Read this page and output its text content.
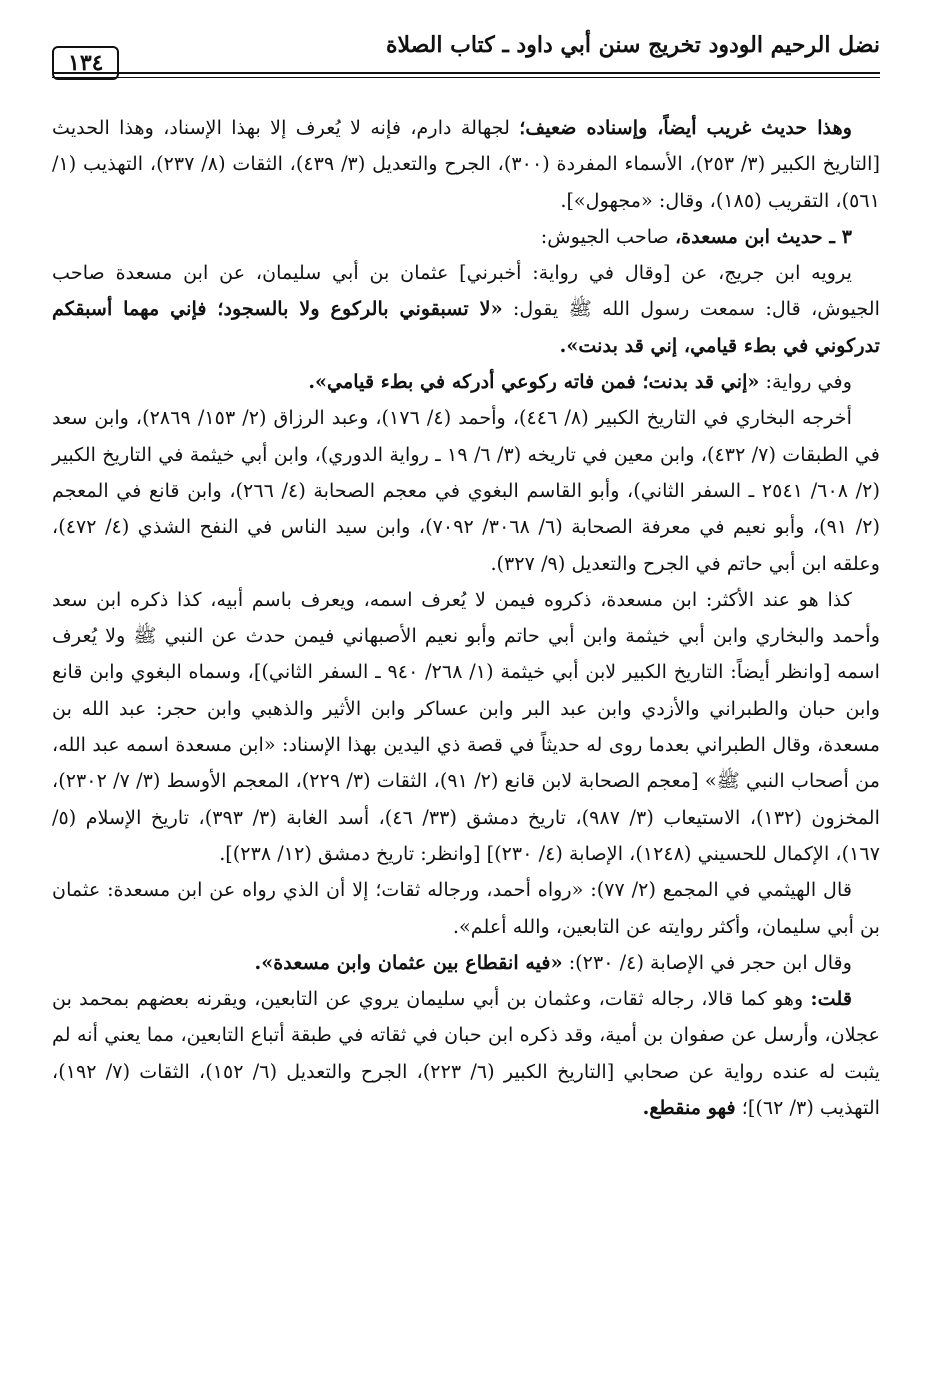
نضل الرحيم الودود تخريج سنن أبي داود ـ كتاب الصلاة
١٣٤

وهذا حديث غريب أيضاً، وإسناده ضعيف؛ لجهالة دارم، فإنه لا يُعرف إلا بهذا الإسناد، وهذا الحديث [التاريخ الكبير (٣/ ٢٥٣)، الأسماء المفردة (٣٠٠)، الجرح والتعديل (٣/ ٤٣٩)، الثقات (٨/ ٢٣٧)، التهذيب (١/ ٥٦١)، التقريب (١٨٥)، وقال: «مجهول»].

٣ ـ حديث ابن مسعدة، صاحب الجيوش:

يرويه ابن جريج، عن [وقال في رواية: أخبرني] عثمان بن أبي سليمان، عن ابن مسعدة صاحب الجيوش، قال: سمعت رسول الله ﷺ يقول: «لا تسبقوني بالركوع ولا بالسجود؛ فإني مهما أسبقكم تدركوني في بطء قيامي، إني قد بدنت».

وفي رواية: «إني قد بدنت؛ فمن فاته ركوعي أدركه في بطء قيامي».

أخرجه البخاري في التاريخ الكبير (٨/ ٤٤٦)، وأحمد (٤/ ١٧٦)، وعبد الرزاق (٢/ ١٥٣/ ٢٨٦٩)، وابن سعد في الطبقات (٧/ ٤٣٢)، وابن معين في تاريخه (٣/ ٦/ ١٩ ـ رواية الدوري)، وابن أبي خيثمة في التاريخ الكبير (٢/ ٦٠٨/ ٢٥٤١ ـ السفر الثاني)، وأبو القاسم البغوي في معجم الصحابة (٤/ ٢٦٦)، وابن قانع في المعجم (٢/ ٩١)، وأبو نعيم في معرفة الصحابة (٦/ ٣٠٦٨/ ٧٠٩٢)، وابن سيد الناس في النفح الشذي (٤/ ٤٧٢)، وعلقه ابن أبي حاتم في الجرح والتعديل (٩/ ٣٢٧).

كذا هو عند الأكثر: ابن مسعدة، ذكروه فيمن لا يُعرف اسمه، ويعرف باسم أبيه، كذا ذكره ابن سعد وأحمد والبخاري وابن أبي خيثمة وابن أبي حاتم وأبو نعيم الأصبهاني فيمن حدث عن النبي ﷺ ولا يُعرف اسمه [وانظر أيضاً: التاريخ الكبير لابن أبي خيثمة (١/ ٢٦٨/ ٩٤٠ ـ السفر الثاني)]، وسماه البغوي وابن قانع وابن حبان والطبراني والأزدي وابن عبد البر وابن عساكر وابن الأثير والذهبي وابن حجر: عبد الله بن مسعدة، وقال الطبراني بعدما روى له حديثاً في قصة ذي اليدين بهذا الإسناد: «ابن مسعدة اسمه عبد الله، من أصحاب النبي ﷺ» [معجم الصحابة لابن قانع (٢/ ٩١)، الثقات (٣/ ٢٢٩)، المعجم الأوسط (٣/ ٧/ ٢٣٠٢)، المخزون (١٣٢)، الاستيعاب (٣/ ٩٨٧)، تاريخ دمشق (٣٣/ ٤٦)، أسد الغابة (٣/ ٣٩٣)، تاريخ الإسلام (٥/ ١٦٧)، الإكمال للحسيني (١٢٤٨)، الإصابة (٤/ ٢٣٠)] [وانظر: تاريخ دمشق (١٢/ ٢٣٨)].

قال الهيثمي في المجمع (٢/ ٧٧): «رواه أحمد، ورجاله ثقات؛ إلا أن الذي رواه عن ابن مسعدة: عثمان بن أبي سليمان، وأكثر روايته عن التابعين، والله أعلم».

وقال ابن حجر في الإصابة (٤/ ٢٣٠): «فيه انقطاع بين عثمان وابن مسعدة».

قلت: وهو كما قالا، رجاله ثقات، وعثمان بن أبي سليمان يروي عن التابعين، ويقرنه بعضهم بمحمد بن عجلان، وأرسل عن صفوان بن أمية، وقد ذكره ابن حبان في ثقاته في طبقة أتباع التابعين، مما يعني أنه لم يثبت له عنده رواية عن صحابي [التاريخ الكبير (٦/ ٢٢٣)، الجرح والتعديل (٦/ ١٥٢)، الثقات (٧/ ١٩٢)، التهذيب (٣/ ٦٢)]؛ فهو منقطع.
